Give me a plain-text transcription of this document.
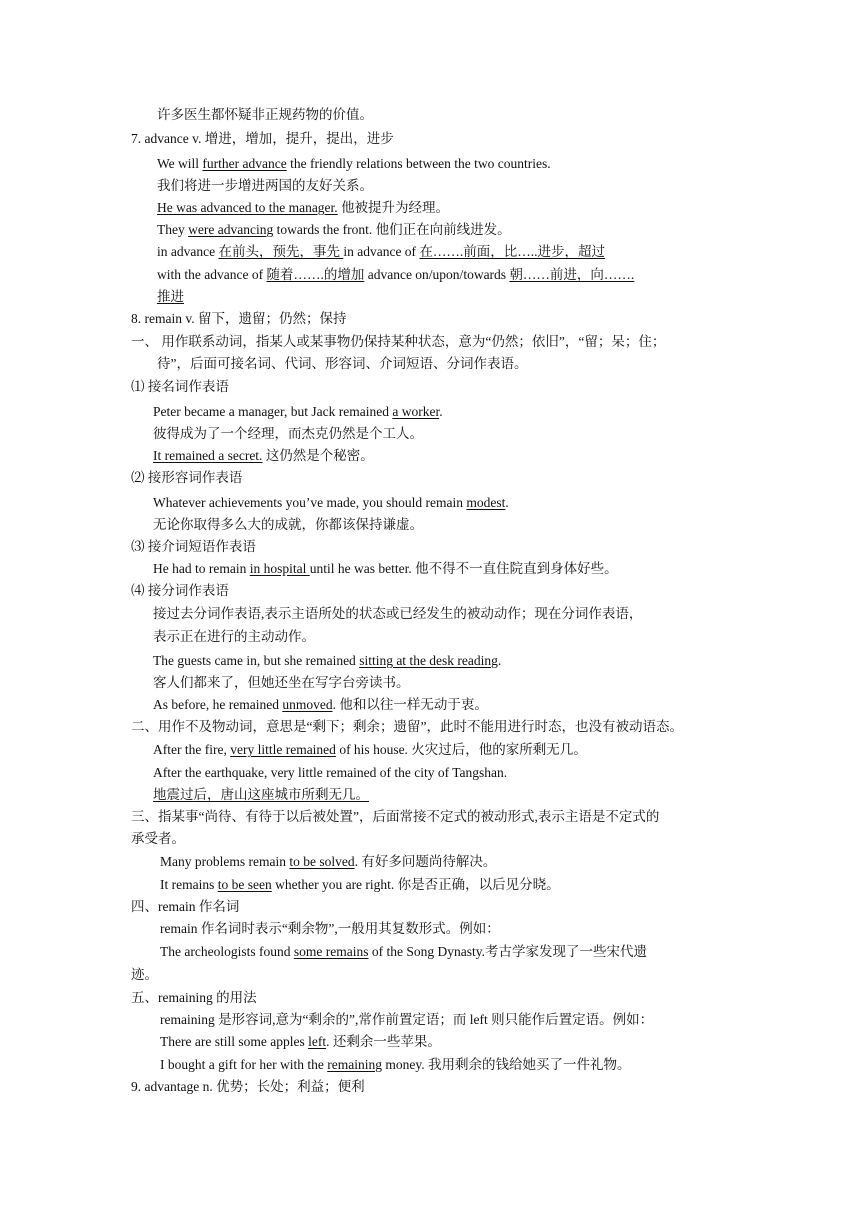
许多医生都怀疑非正规药物的价值。
7. advance v. 增进，增加，提升，提出，进步
We will further advance the friendly relations between the two countries.
我们将进一步增进两国的友好关系。
He was advanced to the manager. 他被提升为经理。
They were advancing towards the front. 他们正在向前线进发。
in advance 在前头，预先，事先 in advance of 在…….前面，比…..进步，超过
with the advance of 随着…….的增加 advance on/upon/towards 朝……前进，向…….
推进
8. remain v. 留下，遗留；仍然；保持
一、 用作联系动词，指某人或某事物仍保持某种状态，意为“仍然；依旧”，“留；呆；住；
待”，后面可接名词、代词、形容词、介词短语、分词作表语。
⑴ 接名词作表语
Peter became a manager, but Jack remained a worker.
彼得成为了一个经理，而杰克仍然是个工人。
It remained a secret. 这仍然是个秘密。
⑵ 接形容词作表语
Whatever achievements you’ve made, you should remain modest.
无论你取得多么大的成就，你都该保持谦虚。
⑶ 接介词短语作表语
He had to remain in hospital until he was better. 他不得不一直住院直到身体好些。
⑷ 接分词作表语
接过去分词作表语,表示主语所处的状态或已经发生的被动动作；现在分词作表语，
表示正在进行的主动动作。
The guests came in, but she remained sitting at the desk reading.
客人们都来了，但她还坐在写字台旁读书。
As before, he remained unmoved. 他和以往一样无动于衷。
二、用作不及物动词，意思是“剩下；剩余；遗留”，此时不能用进行时态，也没有被动语态。
After the fire, very little remained of his house. 火灾过后，他的家所剩无几。
After the earthquake, very little remained of the city of Tangshan.
地震过后，唐山这座城市所剩无几。
三、指某事“尚待、有待于以后被处置”，后面常接不定式的被动形式,表示主语是不定式的
承受者。
Many problems remain to be solved. 有好多问题尚待解决。
It remains to be seen whether you are right. 你是否正确，以后见分晓。
四、remain 作名词
remain 作名词时表示“剩余物”,一般用其复数形式。例如：
The archeologists found some remains of the Song Dynasty.考古学家发现了一些宋代遗
迹。
五、remaining 的用法
remaining 是形容词,意为“剩余的”,常作前置定语；而 left 则只能作后置定语。例如：
There are still some apples left. 还剩余一些苹果。
I bought a gift for her with the remaining money. 我用剩余的钱给她买了一件礼物。
9. advantage n. 优势；长处；利益；便利
